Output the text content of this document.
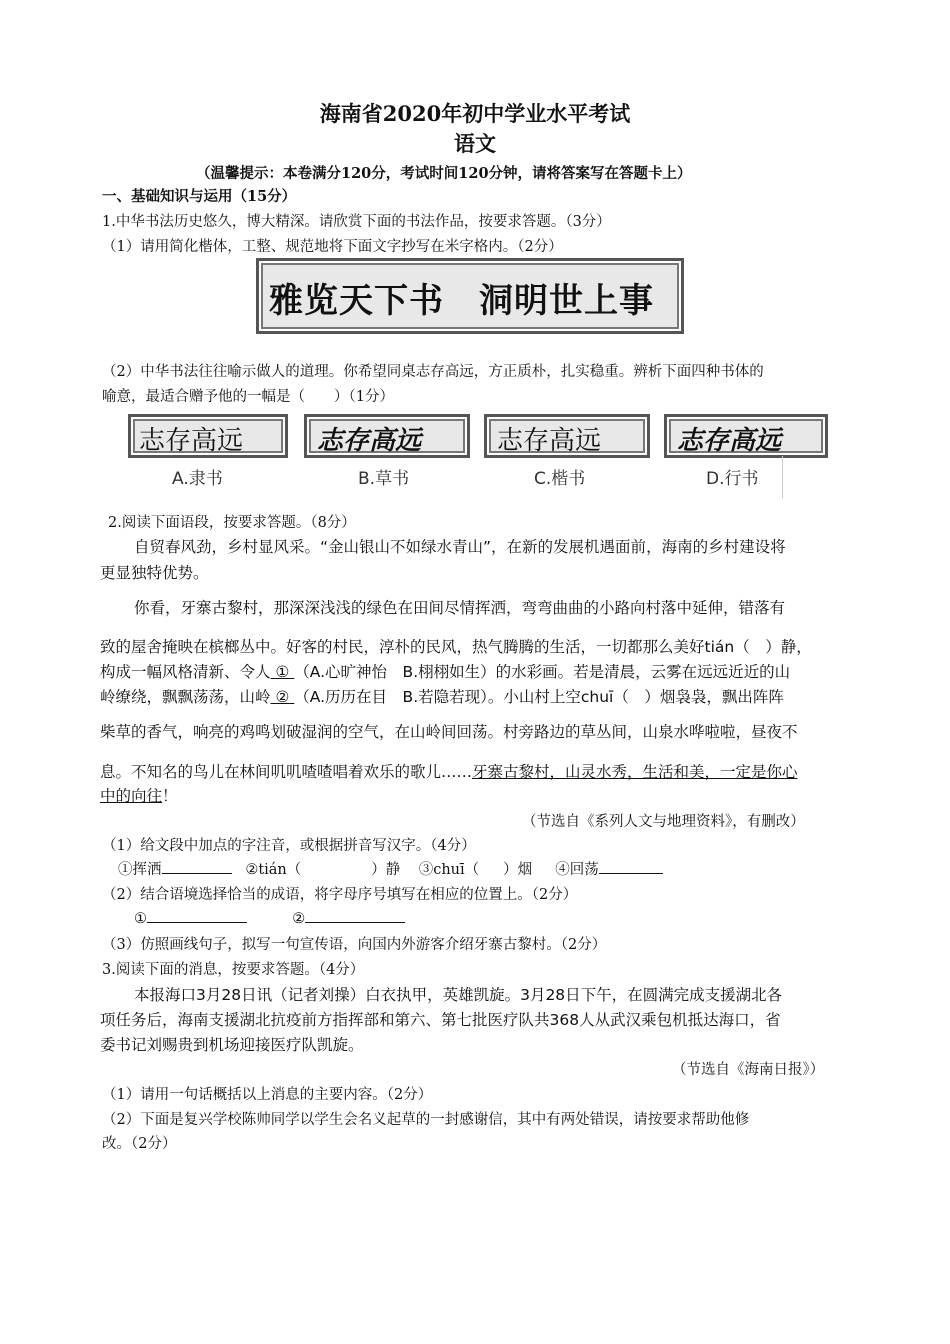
海南省2020年初中学业水平考试
语文
（温馨提示：本卷满分120分，考试时间120分钟，请将答案写在答题卡上）
一、基础知识与运用（15分）
1.中华书法历史悠久，博大精深。请欣赏下面的书法作品，按要求答题。（3分）
（1）请用简化楷体，工整、规范地将下面文字抄写在米字格内。（2分）
雅览天下书　洞明世上事
（2）中华书法往往喻示做人的道理。你希望同桌志存高远，方正质朴，扎实稳重。辨析下面四种书体的
喻意，最适合赠予他的一幅是（　　）（1分）
志存高远
A.隶书
志存高远
B.草书
志存高远
C.楷书
志存高远
D.行书
2.阅读下面语段，按要求答题。（8分）
自贸春风劲，乡村显风采。“金山银山不如绿水青山”，在新的发展机遇面前，海南的乡村建设将
更显独特优势。
你看，牙寨古黎村，那深深浅浅的绿色在田间尽情挥洒，弯弯曲曲的小路向村落中延伸，错落有
致的屋舍掩映在槟榔丛中。好客的村民，淳朴的民风，热气腾腾的生活，一切都那么美好tián（　）静，
构成一幅风格清新、令人 ① （A.心旷神怡　B.栩栩如生）的水彩画。若是清晨，云雾在远远近近的山
岭缭绕，飘飘荡荡，山岭 ② （A.历历在目　B.若隐若现）。小山村上空chuī（　）烟袅袅，飘出阵阵
柴草的香气，响亮的鸡鸣划破湿润的空气，在山岭间回荡。村旁路边的草丛间，山泉水哗啦啦，昼夜不
息。不知名的鸟儿在林间叽叽喳喳唱着欢乐的歌儿……牙寨古黎村，山灵水秀，生活和美，一定是你心
中的向往！
（节选自《系列人文与地理资料》，有删改）
（1）给文段中加点的字注音，或根据拼音写汉字。（4分）
①挥洒	②tián（	）静 ③chuī（ ）烟 ④回荡
（2）结合语境选择恰当的成语，将字母序号填写在相应的位置上。（2分）
①	②
（3）仿照画线句子，拟写一句宣传语，向国内外游客介绍牙寨古黎村。（2分）
3.阅读下面的消息，按要求答题。（4分）
本报海口3月28日讯（记者刘操）白衣执甲，英雄凯旋。3月28日下午，在圆满完成支援湖北各
项任务后，海南支援湖北抗疫前方指挥部和第六、第七批医疗队共368人从武汉乘包机抵达海口，省
委书记刘赐贵到机场迎接医疗队凯旋。
（节选自《海南日报》）
（1）请用一句话概括以上消息的主要内容。（2分）
（2）下面是复兴学校陈帅同学以学生会名义起草的一封感谢信，其中有两处错误，请按要求帮助他修
改。（2分）
